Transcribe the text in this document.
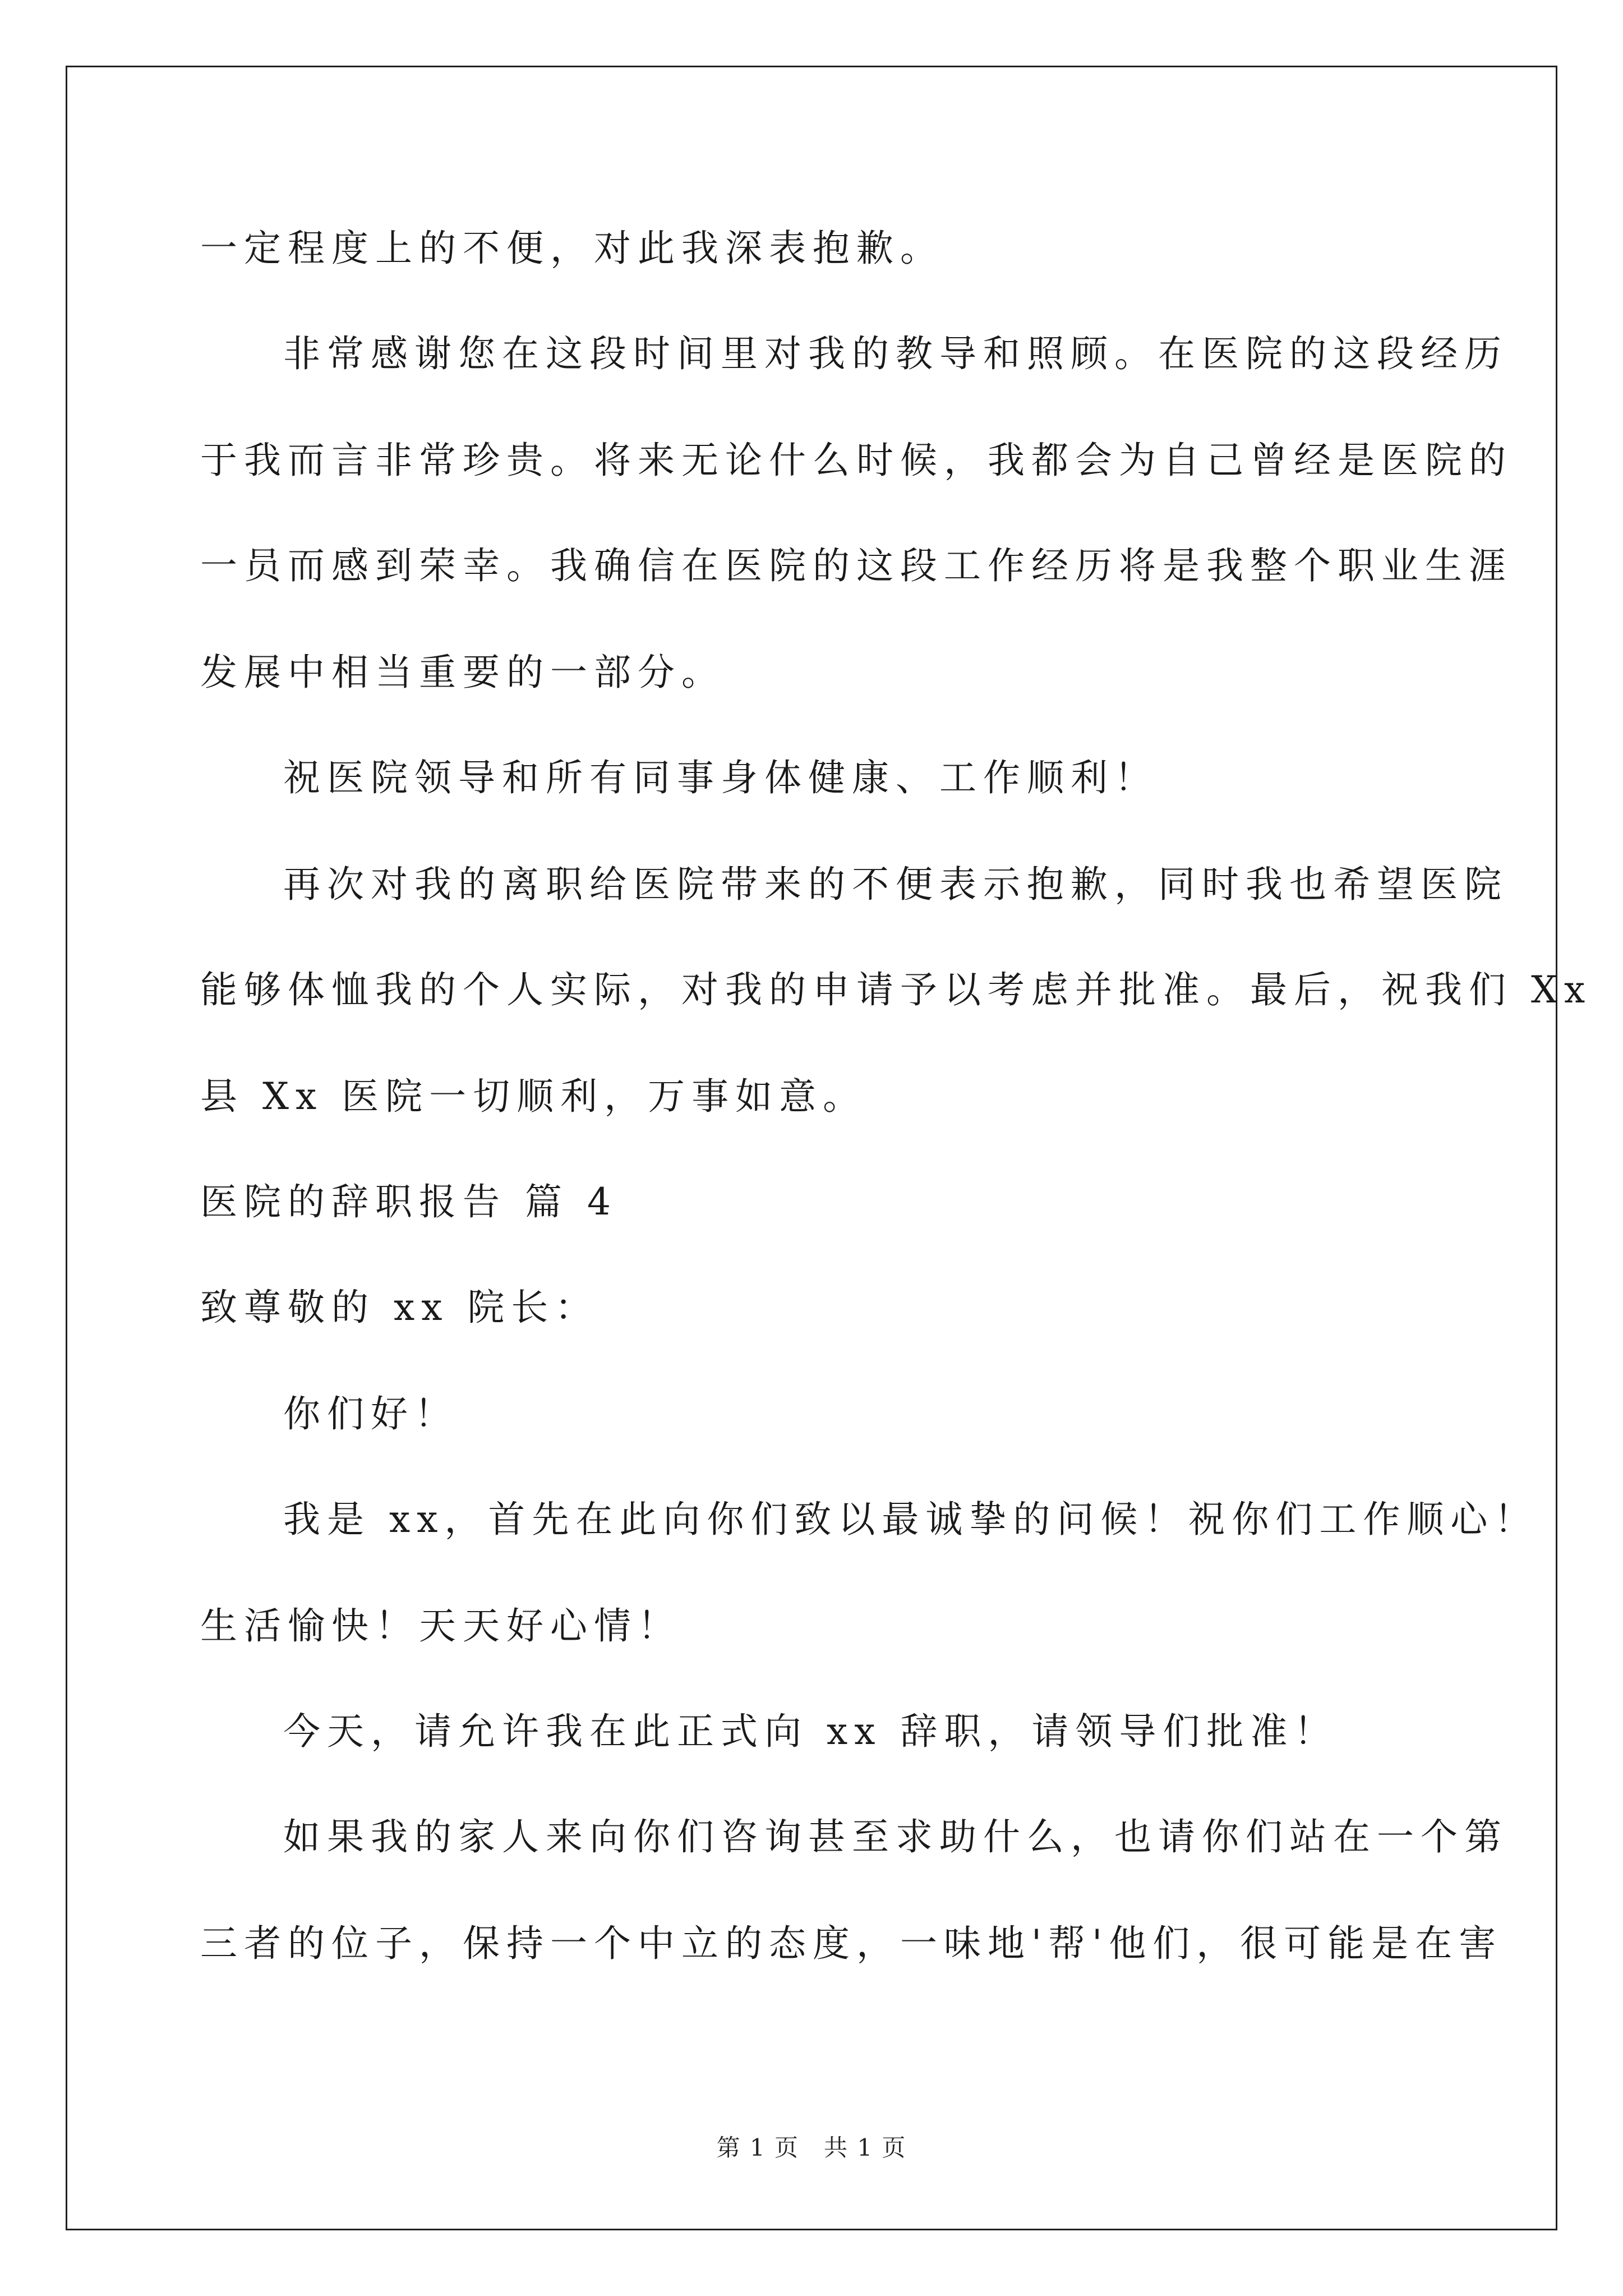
一定程度上的不便，对此我深表抱歉。
非常感谢您在这段时间里对我的教导和照顾。在医院的这段经历
于我而言非常珍贵。将来无论什么时候，我都会为自己曾经是医院的
一员而感到荣幸。我确信在医院的这段工作经历将是我整个职业生涯
发展中相当重要的一部分。
祝医院领导和所有同事身体健康、工作顺利！
再次对我的离职给医院带来的不便表示抱歉，同时我也希望医院
能够体恤我的个人实际，对我的申请予以考虑并批准。最后，祝我们 Xx
县 Xx 医院一切顺利，万事如意。
医院的辞职报告 篇 4
致尊敬的 xx 院长：
你们好！
我是 xx，首先在此向你们致以最诚挚的问候！祝你们工作顺心！
生活愉快！天天好心情！
今天，请允许我在此正式向 xx 辞职，请领导们批准！
如果我的家人来向你们咨询甚至求助什么，也请你们站在一个第
三者的位子，保持一个中立的态度，一味地'帮'他们，很可能是在害
第 1 页 共 1 页
